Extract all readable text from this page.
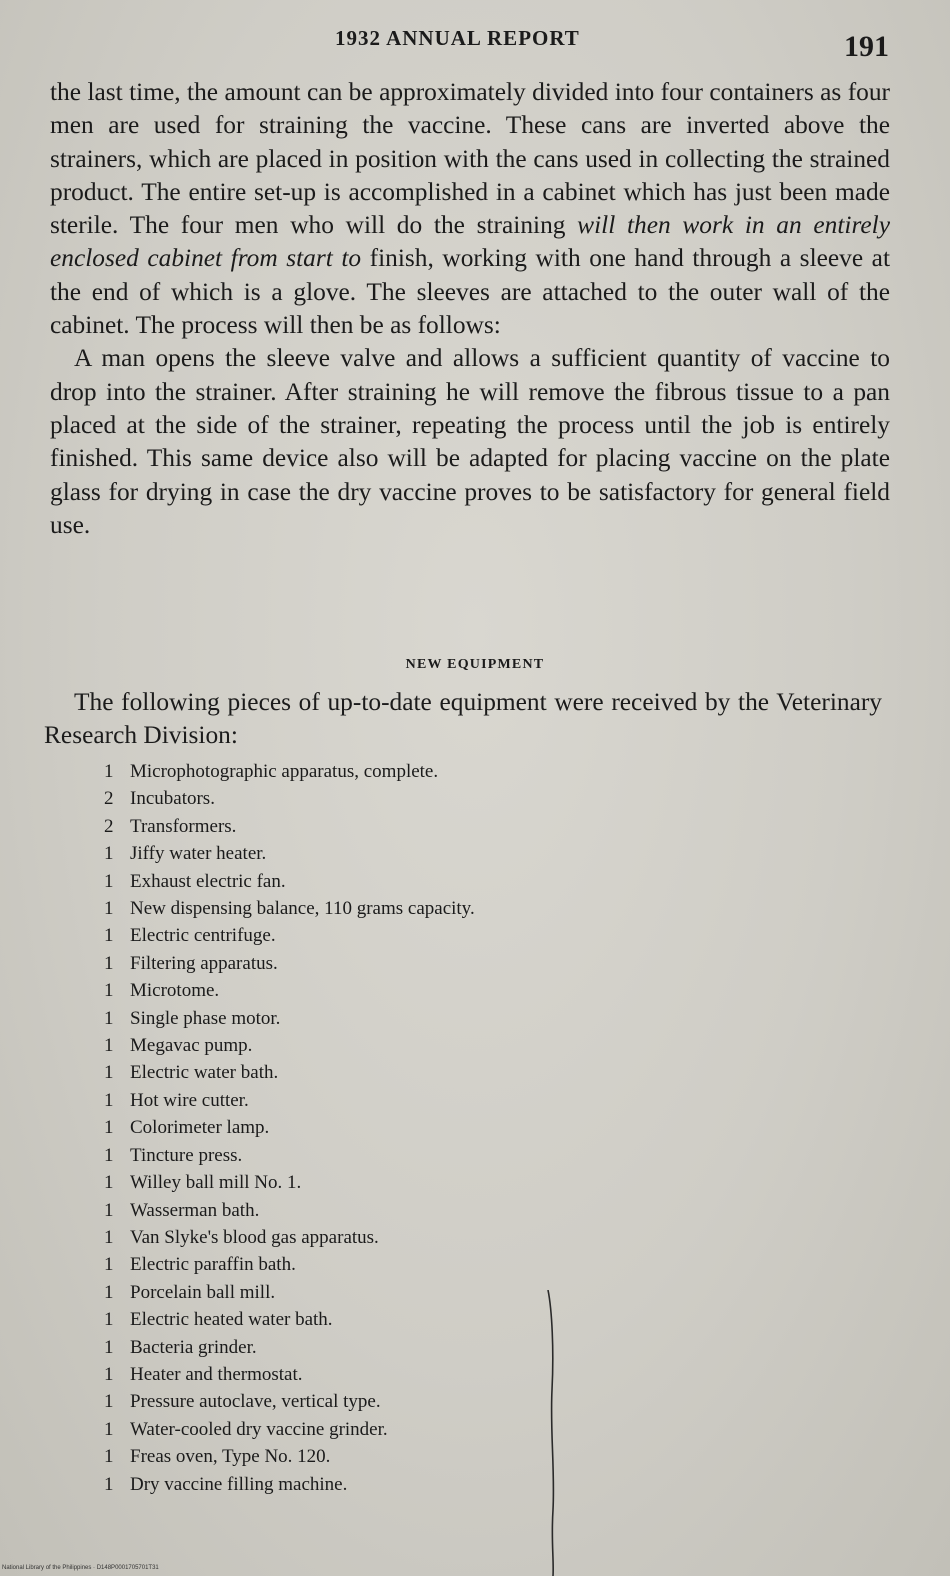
1932 ANNUAL REPORT	191

the last time, the amount can be approximately divided into four containers as four men are used for straining the vaccine. These cans are inverted above the strainers, which are placed in position with the cans used in collecting the strained product. The entire set-up is accomplished in a cabinet which has just been made sterile. The four men who will do the straining will then work in an entirely enclosed cabinet from start to finish, working with one hand through a sleeve at the end of which is a glove. The sleeves are attached to the outer wall of the cabinet. The process will then be as follows:

A man opens the sleeve valve and allows a sufficient quantity of vaccine to drop into the strainer. After straining he will remove the fibrous tissue to a pan placed at the side of the strainer, repeating the process until the job is entirely finished. This same device also will be adapted for placing vaccine on the plate glass for drying in case the dry vaccine proves to be satisfactory for general field use.

NEW EQUIPMENT
The following pieces of up-to-date equipment were received by the Veterinary Research Division:
1 Microphotographic apparatus, complete.
2 Incubators.
2 Transformers.
1 Jiffy water heater.
1 Exhaust electric fan.
1 New dispensing balance, 110 grams capacity.
1 Electric centrifuge.
1 Filtering apparatus.
1 Microtome.
1 Single phase motor.
1 Megavac pump.
1 Electric water bath.
1 Hot wire cutter.
1 Colorimeter lamp.
1 Tincture press.
1 Willey ball mill No. 1.
1 Wasserman bath.
1 Van Slyke's blood gas apparatus.
1 Electric paraffin bath.
1 Porcelain ball mill.
1 Electric heated water bath.
1 Bacteria grinder.
1 Heater and thermostat.
1 Pressure autoclave, vertical type.
1 Water-cooled dry vaccine grinder.
1 Freas oven, Type No. 120.
1 Dry vaccine filling machine.
National Library of the Philippines · D148P0001705701T31
